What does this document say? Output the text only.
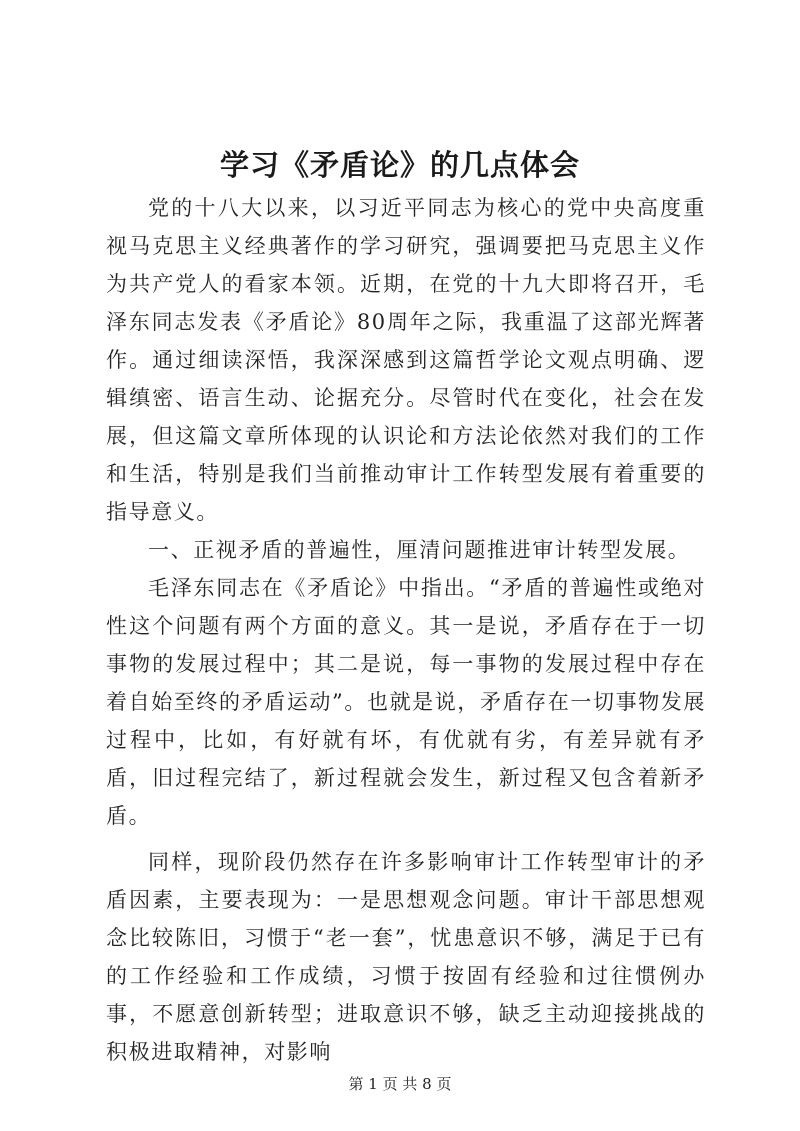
学习《矛盾论》的几点体会

党的十八大以来，以习近平同志为核心的党中央高度重视马克思主义经典著作的学习研究，强调要把马克思主义作为共产党人的看家本领。近期，在党的十九大即将召开，毛泽东同志发表《矛盾论》80周年之际，我重温了这部光辉著作。通过细读深悟，我深深感到这篇哲学论文观点明确、逻辑缜密、语言生动、论据充分。尽管时代在变化，社会在发展，但这篇文章所体现的认识论和方法论依然对我们的工作和生活，特别是我们当前推动审计工作转型发展有着重要的指导意义。

一、正视矛盾的普遍性，厘清问题推进审计转型发展。

毛泽东同志在《矛盾论》中指出。“矛盾的普遍性或绝对性这个问题有两个方面的意义。其一是说，矛盾存在于一切事物的发展过程中；其二是说，每一事物的发展过程中存在着自始至终的矛盾运动”。也就是说，矛盾存在一切事物发展过程中，比如，有好就有坏，有优就有劣，有差异就有矛盾，旧过程完结了，新过程就会发生，新过程又包含着新矛盾。

同样，现阶段仍然存在许多影响审计工作转型审计的矛盾因素，主要表现为：一是思想观念问题。审计干部思想观念比较陈旧，习惯于“老一套”，忧患意识不够，满足于已有的工作经验和工作成绩，习惯于按固有经验和过往惯例办事，不愿意创新转型；进取意识不够，缺乏主动迎接挑战的积极进取精神，对影响

第 1 页 共 8 页
